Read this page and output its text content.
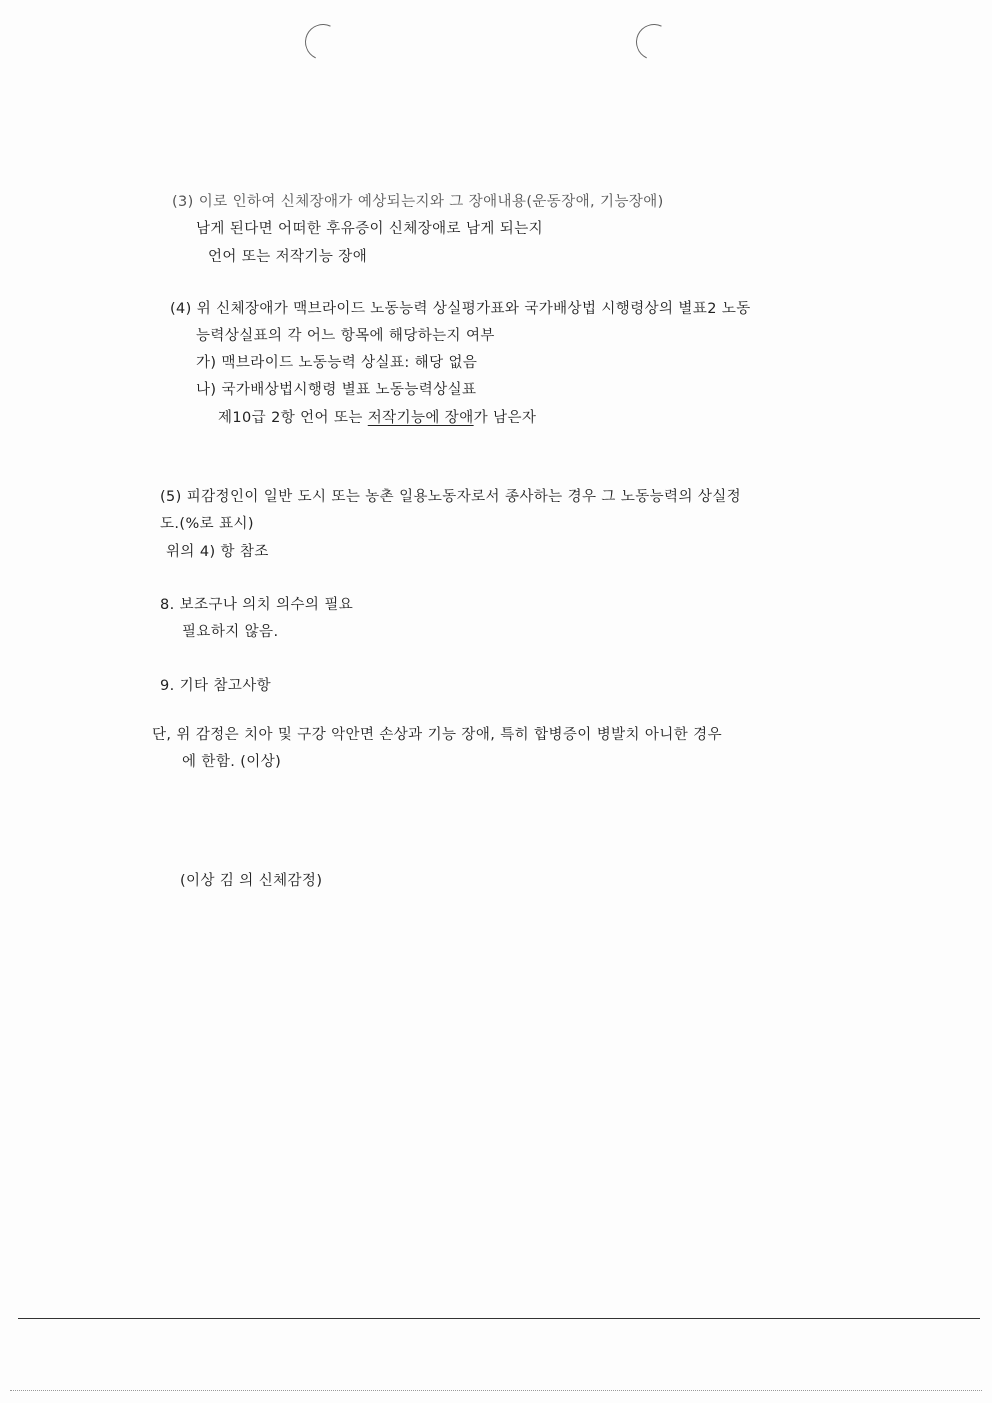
(3) 이로 인하여 신체장애가 예상되는지와 그 장애내용(운동장애, 기능장애)
남게 된다면 어떠한 후유증이 신체장애로 남게 되는지
언어 또는 저작기능 장애
(4) 위 신체장애가 맥브라이드 노동능력 상실평가표와 국가배상법 시행령상의 별표2 노동
능력상실표의 각 어느 항목에 해당하는지 여부
가) 맥브라이드 노동능력 상실표: 해당 없음
나) 국가배상법시행령 별표 노동능력상실표
제10급 2항 언어 또는 저작기능에 장애가 남은자
(5) 피감정인이 일반 도시 또는 농촌 일용노동자로서 종사하는 경우 그 노동능력의 상실정
도.(%로 표시)
위의 4) 항 참조
8. 보조구나 의치 의수의 필요
필요하지 않음.
9. 기타 참고사항
단, 위 감정은 치아 및 구강 악안면 손상과 기능 장애, 특히 합병증이 병발치 아니한 경우
에 한함. (이상)
(이상 김 의 신체감정)
